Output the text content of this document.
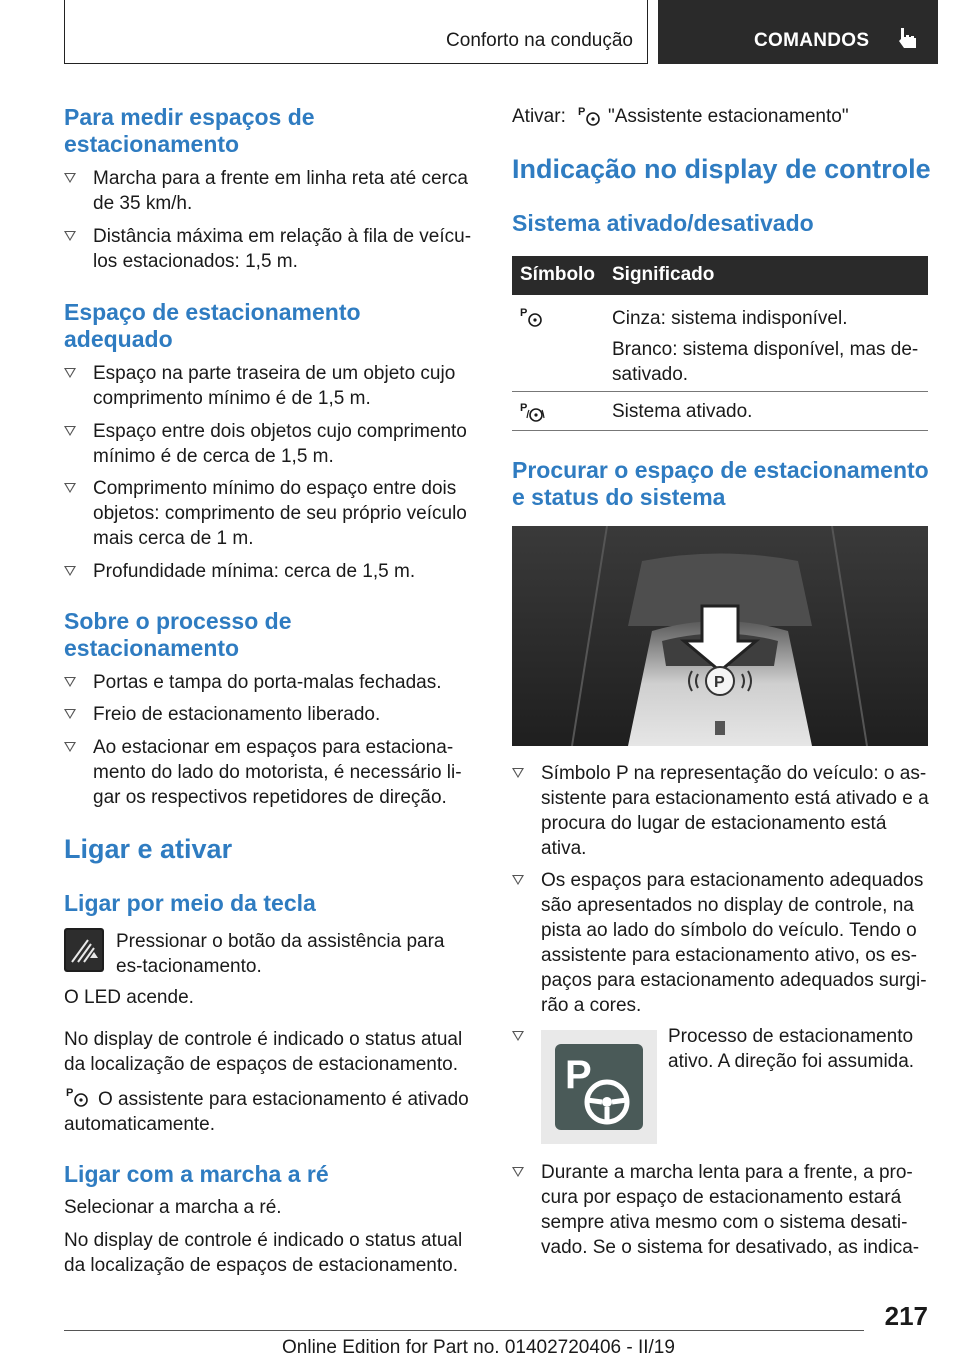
Conforto na condução	COMANDOS
Para medir espaços de estacionamento
Marcha para a frente em linha reta até cerca de 35 km/h.
Distância máxima em relação à fila de veícu-los estacionados: 1,5 m.
Espaço de estacionamento adequado
Espaço na parte traseira de um objeto cujo comprimento mínimo é de 1,5 m.
Espaço entre dois objetos cujo comprimento mínimo é de cerca de 1,5 m.
Comprimento mínimo do espaço entre dois objetos: comprimento de seu próprio veículo mais cerca de 1 m.
Profundidade mínima: cerca de 1,5 m.
Sobre o processo de estacionamento
Portas e tampa do porta-malas fechadas.
Freio de estacionamento liberado.
Ao estacionar em espaços para estaciona-mento do lado do motorista, é necessário li-gar os respectivos repetidores de direção.
Ligar e ativar
Ligar por meio da tecla

Pressionar o botão da assistência para es-tacionamento.

O LED acende.

No display de controle é indicado o status atual da localização de espaços de estacionamento.

P	O assistente para estacionamento é ativado automaticamente.

Ligar com a marcha a ré

Selecionar a marcha a ré.

No display de controle é indicado o status atual da localização de espaços de estacionamento.

Ativar: P "Assistente estacionamento"
Indicação no display de controle
Sistema ativado/desativado
Símbolo Significado
P	Cinza: sistema indisponível.
Branco: sistema disponível, mas de-sativado.
P	Sistema ativado.
Procurar o espaço de estacionamento e status do sistema
P
Símbolo P na representação do veículo: o as-sistente para estacionamento está ativado e a procura do lugar de estacionamento está ativa.
Os espaços para estacionamento adequados são apresentados no display de controle, na pista ao lado do símbolo do veículo. Tendo o assistente para estacionamento ativo, os es-paços para estacionamento adequados surgi-rão a cores.
P
Processo de estacionamento ativo. A direção foi assumida.
Durante a marcha lenta para a frente, a pro-cura por espaço de estacionamento estará sempre ativa mesmo com o sistema desati-vado. Se o sistema for desativado, as indica-
217
Online Edition for Part no. 01402720406 - II/19
